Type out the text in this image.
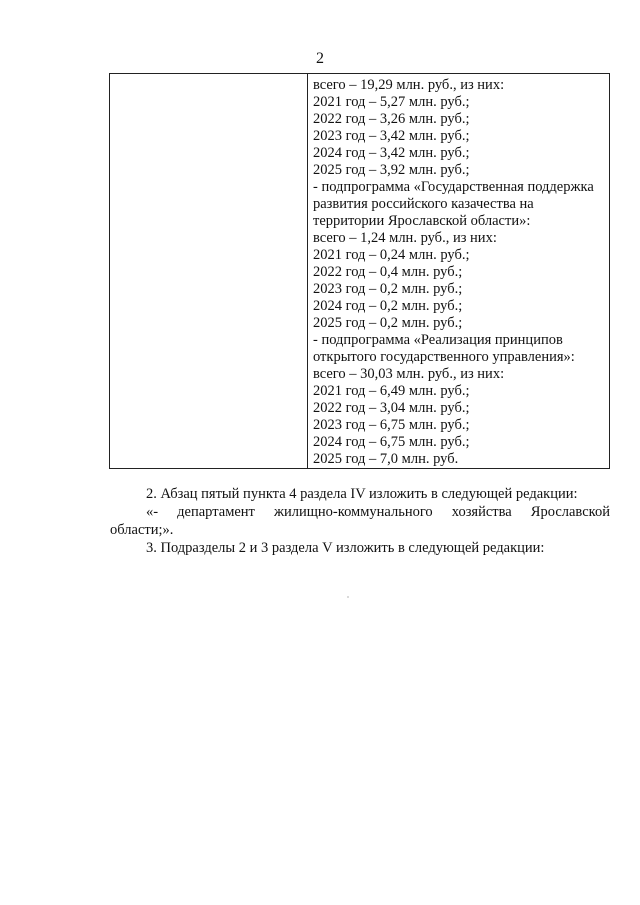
2
всего – 19,29 млн. руб., из них:
2021 год – 5,27 млн. руб.;
2022 год – 3,26 млн. руб.;
2023 год – 3,42 млн. руб.;
2024 год – 3,42 млн. руб.;
2025 год – 3,92 млн. руб.;
- подпрограмма «Государственная поддержка
развития российского казачества на
территории Ярославской области»:
всего – 1,24 млн. руб., из них:
2021 год – 0,24 млн. руб.;
2022 год – 0,4 млн. руб.;
2023 год – 0,2 млн. руб.;
2024 год – 0,2 млн. руб.;
2025 год – 0,2 млн. руб.;
- подпрограмма «Реализация принципов
открытого государственного управления»:
всего – 30,03 млн. руб., из них:
2021 год – 6,49 млн. руб.;
2022 год – 3,04 млн. руб.;
2023 год – 6,75 млн. руб.;
2024 год – 6,75 млн. руб.;
2025 год – 7,0 млн. руб.
2. Абзац пятый пункта 4 раздела IV изложить в следующей редакции:
«- департамент жилищно-коммунального хозяйства Ярославской
области;».
3. Подразделы 2 и 3 раздела V изложить в следующей редакции:
